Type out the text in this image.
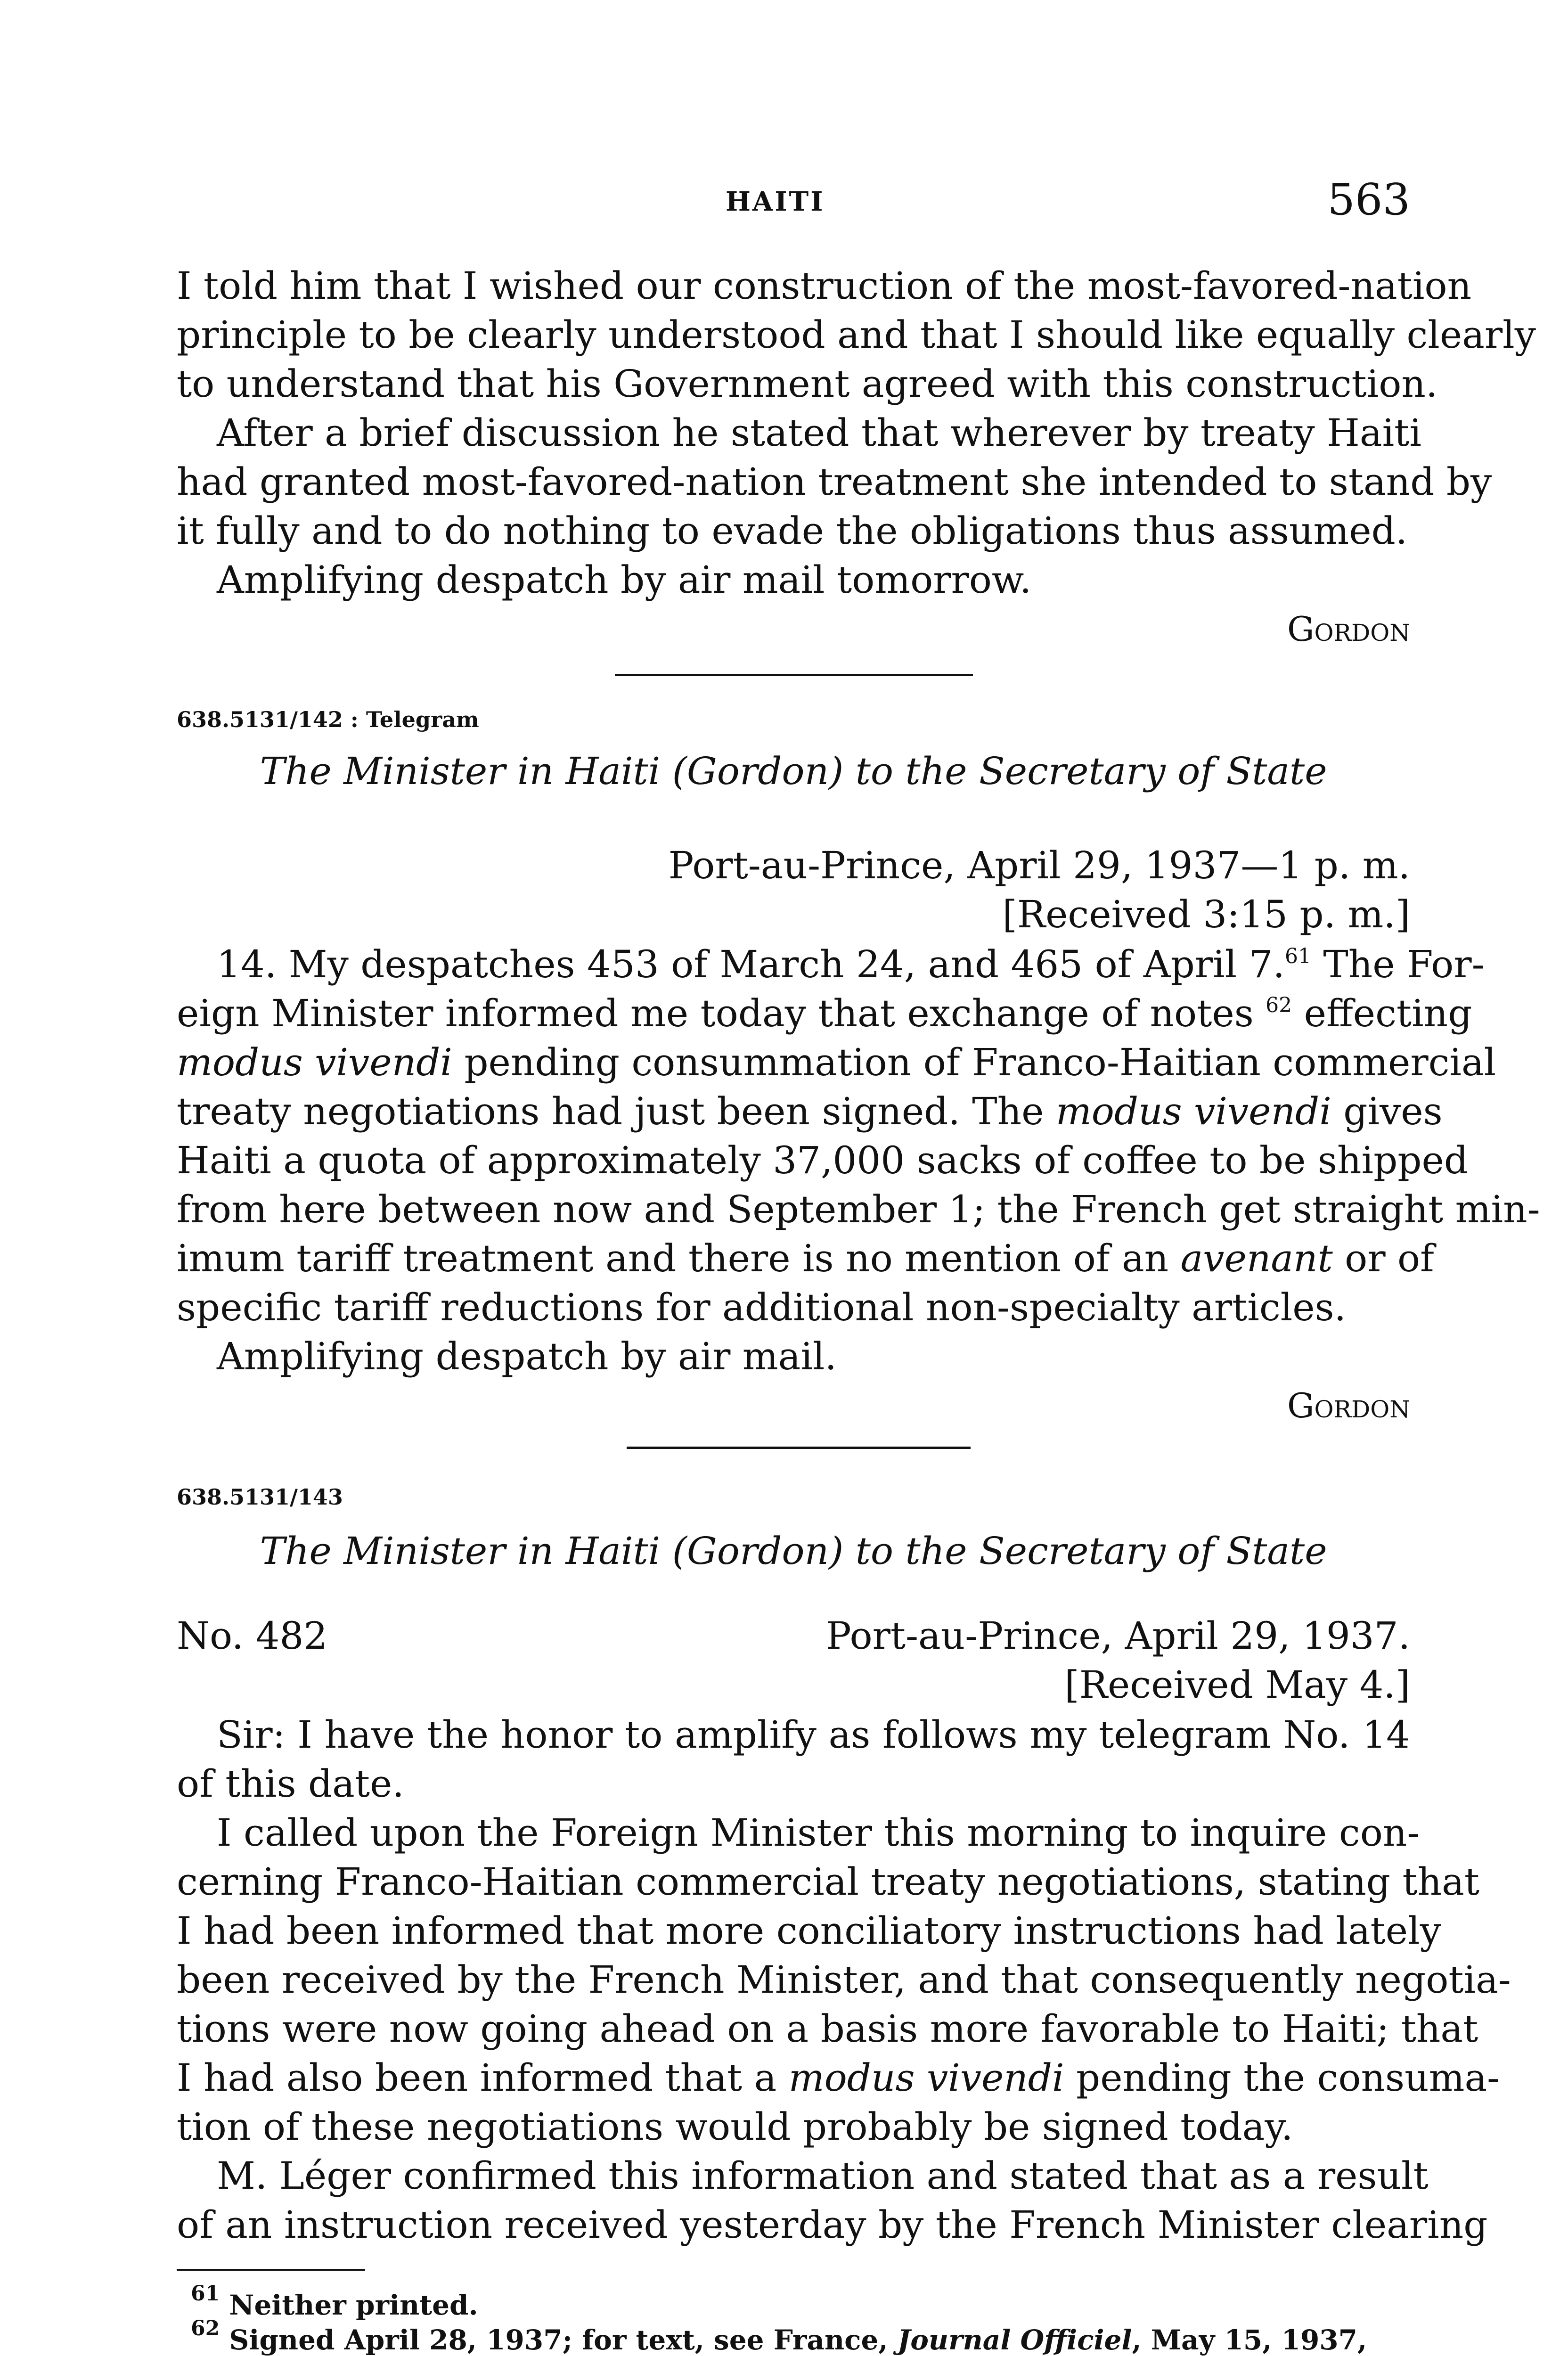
HAITI	563
I told him that I wished our construction of the most-favored-nation
principle to be clearly understood and that I should like equally clearly
to understand that his Government agreed with this construction.
After a brief discussion he stated that wherever by treaty Haiti
had granted most-favored-nation treatment she intended to stand by
it fully and to do nothing to evade the obligations thus assumed.
Amplifying despatch by air mail tomorrow.
Gordon
638.5131/142 : Telegram
The Minister in Haiti (Gordon) to the Secretary of State
Port-au-Prince, April 29, 1937—1 p. m.
[Received 3:15 p. m.]
14. My despatches 453 of March 24, and 465 of April 7.61 The For-
eign Minister informed me today that exchange of notes $^{62}$ effecting
modus vivendi pending consummation of Franco-Haitian commercial
treaty negotiations had just been signed. The modus vivendi gives
Haiti a quota of approximately 37,000 sacks of coffee to be shipped
from here between now and September 1; the French get straight min-
imum tariff treatment and there is no mention of an avenant or of
specific tariff reductions for additional non-specialty articles.
Amplifying despatch by air mail.
Gordon
638.5131/143
The Minister in Haiti (Gordon) to the Secretary of State
No. 482	Port-au-Prince, April 29, 1937.
[Received May 4.]
Sir: I have the honor to amplify as follows my telegram No. 14
of this date.
I called upon the Foreign Minister this morning to inquire con-
cerning Franco-Haitian commercial treaty negotiations, stating that
I had been informed that more conciliatory instructions had lately
been received by the French Minister, and that consequently negotia-
tions were now going ahead on a basis more favorable to Haiti; that
I had also been informed that a modus vivendi pending the consuma-
tion of these negotiations would probably be signed today.
M. Léger confirmed this information and stated that as a result
of an instruction received yesterday by the French Minister clearing
$^{61}$ Neither printed.
$^{62}$ Signed April 28, 1937; for text, see France, Journal Officiel, May 15, 1937,
